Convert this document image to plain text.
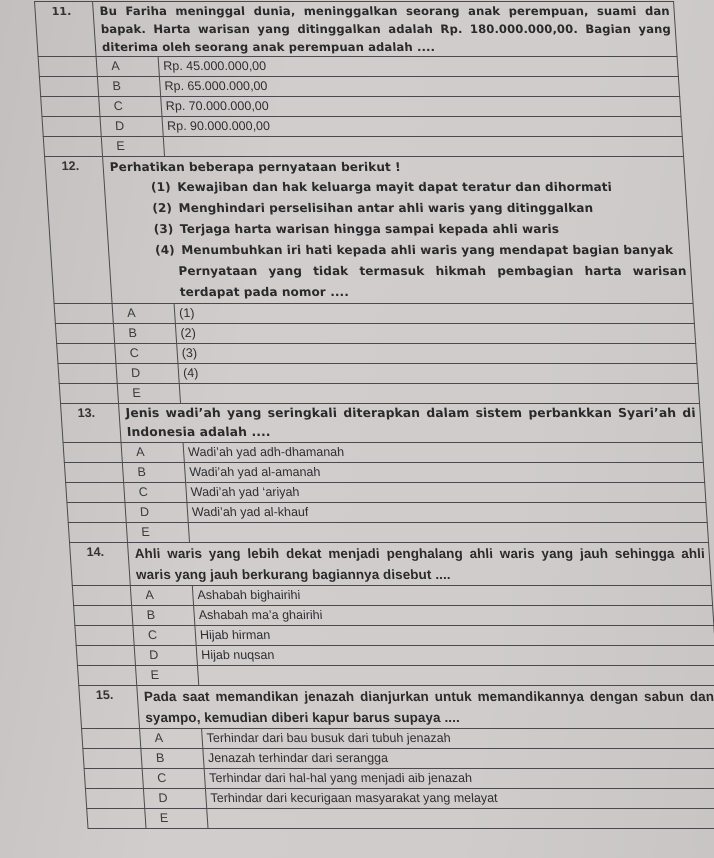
11.	Bu Fariha meninggal dunia, meninggalkan seorang anak perempuan, suami dan bapak. Harta warisan yang ditinggalkan adalah Rp. 180.000.000,00. Bagian yang diterima oleh seorang anak perempuan adalah ....	
	A	Rp. 45.000.000,00
	B	Rp. 65.000.000,00
	C	Rp. 70.000.000,00
	D	Rp. 90.000.000,00
	E	
12.	Perhatikan beberapa pernyataan berikut !
(1) Kewajiban dan hak keluarga mayit dapat teratur dan dihormati
(2) Menghindari perselisihan antar ahli waris yang ditinggalkan
(3) Terjaga harta warisan hingga sampai kepada ahli waris
(4) Menumbuhkan iri hati kepada ahli waris yang mendapat bagian banyak
Pernyataan yang tidak termasuk hikmah pembagian harta warisan terdapat pada nomor ....

	A	(1)
	B	(2)
	C	(3)
	D	(4)
	E	
13.	Jenis wadi’ah yang seringkali diterapkan dalam sistem perbankkan Syari’ah di Indonesia adalah ....	
	A	Wadi’ah yad adh-dhamanah
	B	Wadi’ah yad al-amanah
	C	Wadi’ah yad ‘ariyah
	D	Wadi’ah yad al-khauf
	E	
14.	Ahli waris yang lebih dekat menjadi penghalang ahli waris yang jauh sehingga ahli waris yang jauh berkurang bagiannya disebut ....	
	A	Ashabah bighairihi
	B	Ashabah ma’a ghairihi
	C	Hijab hirman
	D	Hijab nuqsan
	E	
15.	Pada saat memandikan jenazah dianjurkan untuk memandikannya dengan sabun dan syampo, kemudian diberi kapur barus supaya ....	
	A	Terhindar dari bau busuk dari tubuh jenazah
	B	Jenazah terhindar dari serangga
	C	Terhindar dari hal-hal yang menjadi aib jenazah
	D	Terhindar dari kecurigaan masyarakat yang melayat
	E	
